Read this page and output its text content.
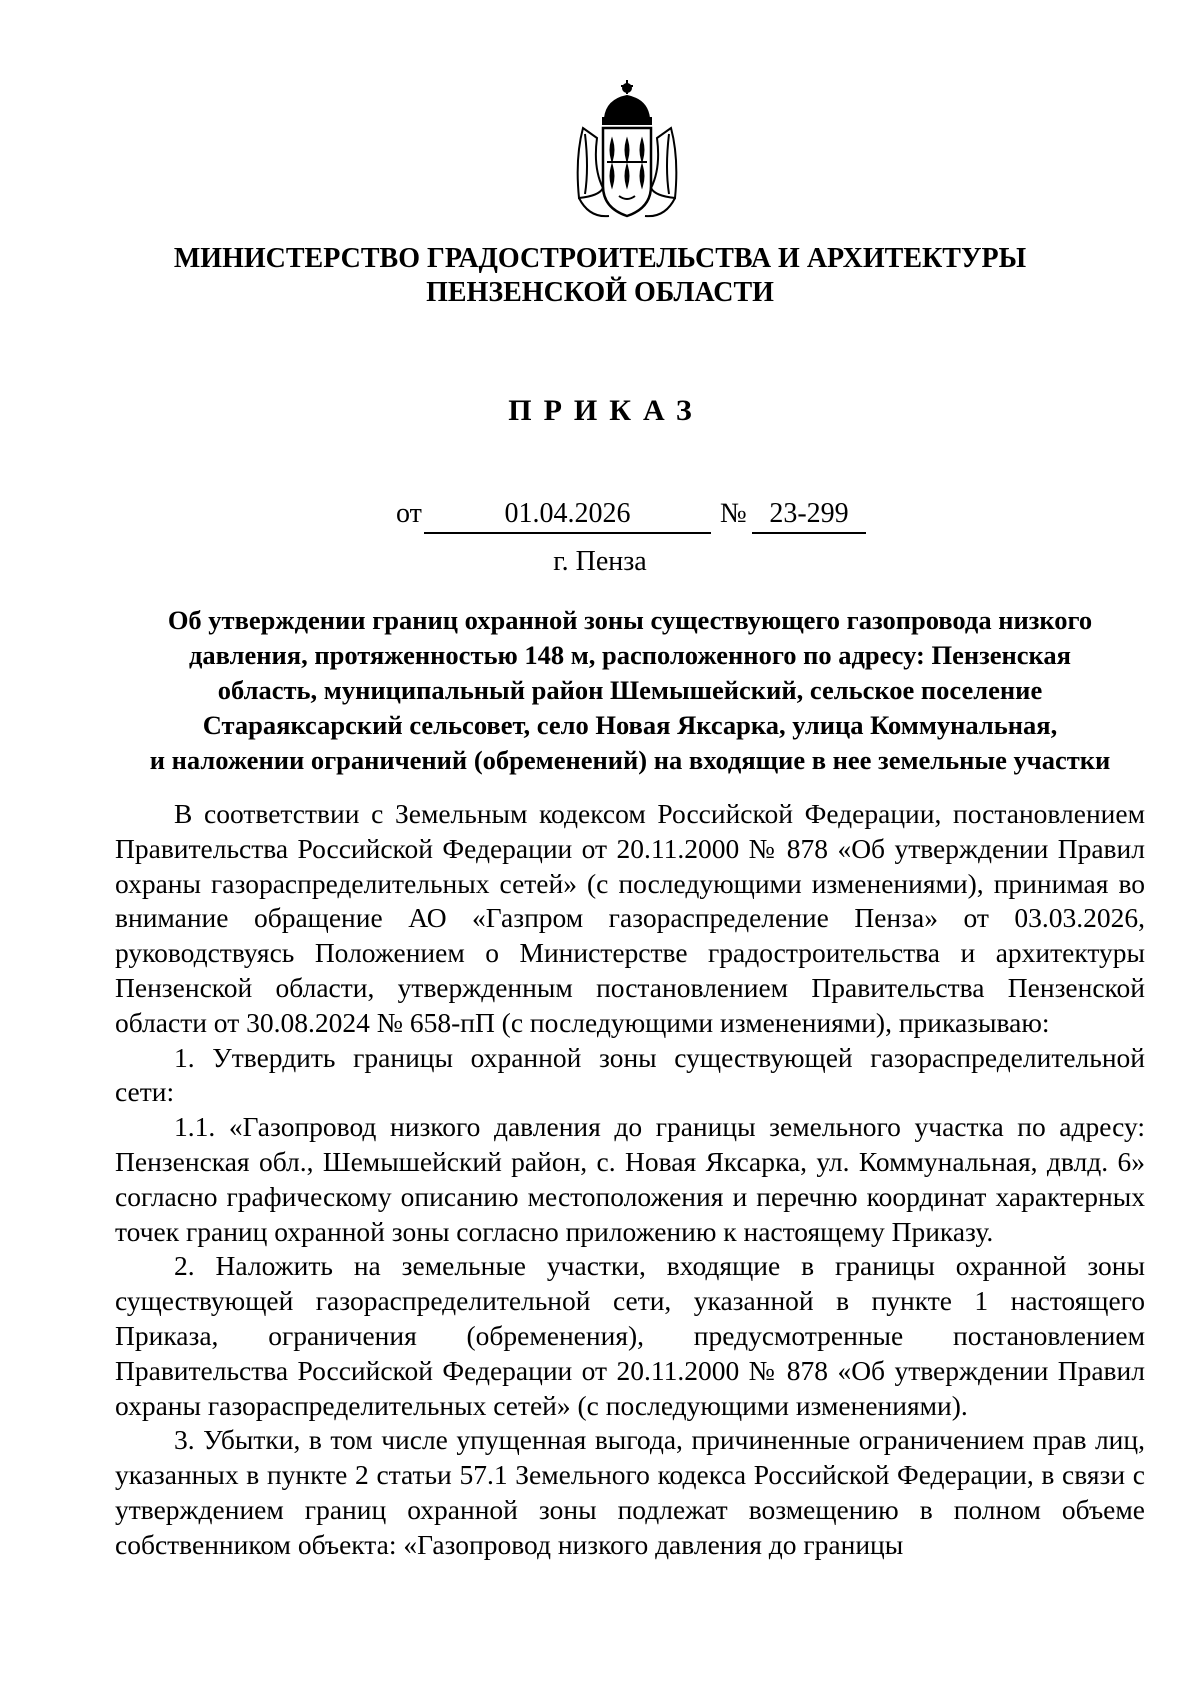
МИНИСТЕРСТВО ГРАДОСТРОИТЕЛЬСТВА И АРХИТЕКТУРЫ
ПЕНЗЕНСКОЙ ОБЛАСТИ
ПРИКАЗ
от	01.04.2026	№ 23-299
г. Пенза
Об утверждении границ охранной зоны существующего газопровода низкого
давления, протяженностью 148 м, расположенного по адресу: Пензенская
область, муниципальный район Шемышейский, сельское поселение
Стараяксарский сельсовет, село Новая Яксарка, улица Коммунальная,
и наложении ограничений (обременений) на входящие в нее земельные участки

В соответствии с Земельным кодексом Российской Федерации, постановлением Правительства Российской Федерации от 20.11.2000 № 878 «Об утверждении Правил охраны газораспределительных сетей» (с последующими изменениями), принимая во внимание обращение АО «Газпром газораспределение Пенза» от 03.03.2026, руководствуясь Положением о Министерстве градостроительства и архитектуры Пензенской области, утвержденным постановлением Правительства Пензенской области от 30.08.2024 № 658-пП (с последующими изменениями), приказываю:

1. Утвердить границы охранной зоны существующей газораспределительной сети:

1.1. «Газопровод низкого давления до границы земельного участка по адресу: Пензенская обл., Шемышейский район, с. Новая Яксарка, ул. Коммунальная, двлд. 6» согласно графическому описанию местоположения и перечню координат характерных точек границ охранной зоны согласно приложению к настоящему Приказу.

2. Наложить на земельные участки, входящие в границы охранной зоны существующей газораспределительной сети, указанной в пункте 1 настоящего Приказа, ограничения (обременения), предусмотренные постановлением Правительства Российской Федерации от 20.11.2000 № 878 «Об утверждении Правил охраны газораспределительных сетей» (с последующими изменениями).

3. Убытки, в том числе упущенная выгода, причиненные ограничением прав лиц, указанных в пункте 2 статьи 57.1 Земельного кодекса Российской Федерации, в связи с утверждением границ охранной зоны подлежат возмещению в полном объеме собственником объекта: «Газопровод низкого давления до границы
